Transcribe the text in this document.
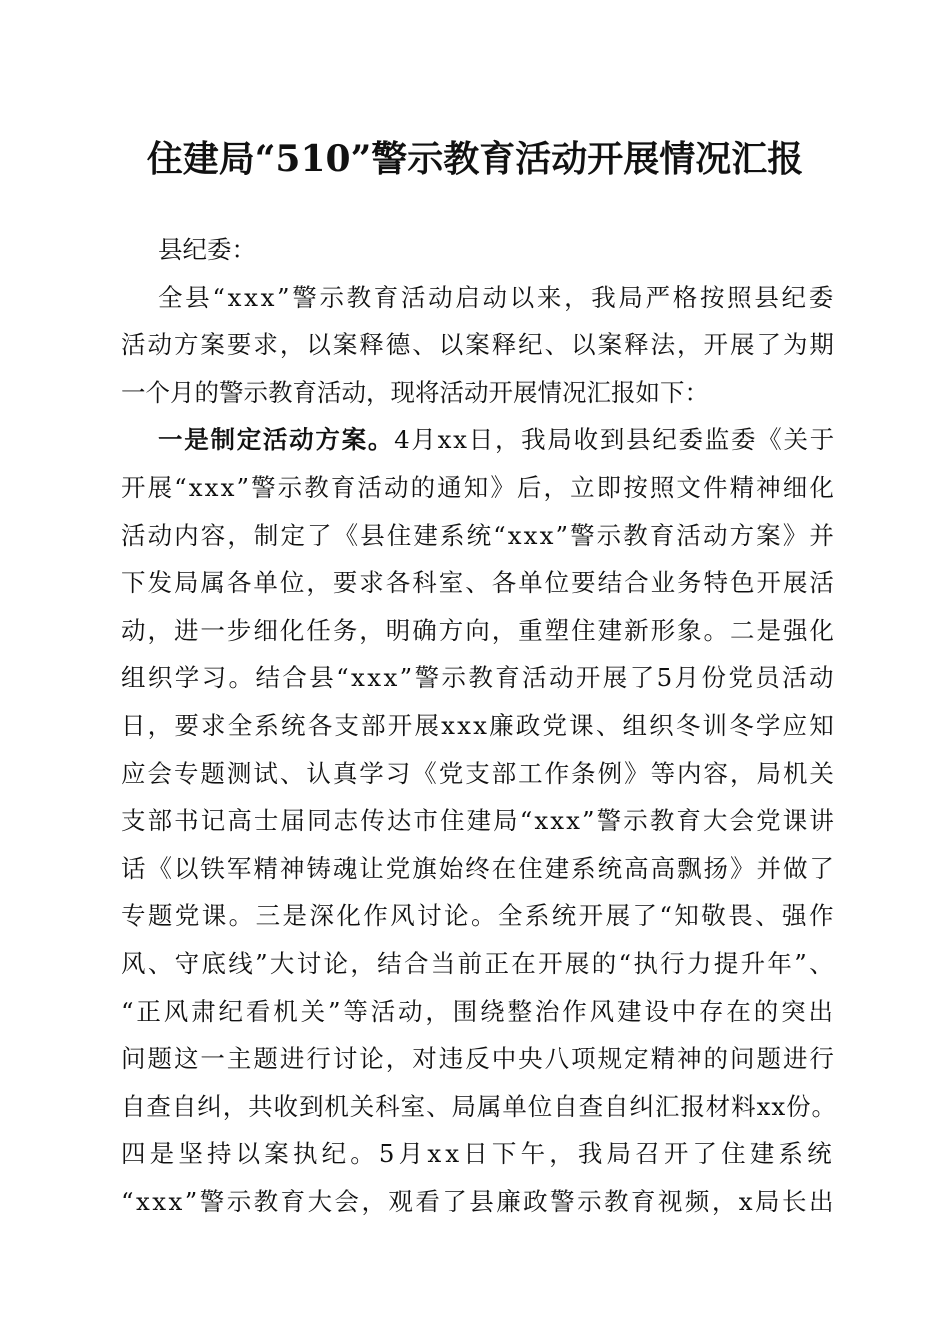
住建局“510”警示教育活动开展情况汇报
县纪委：
全县“xxx”警示教育活动启动以来，我局严格按照县纪委
活动方案要求，以案释德、以案释纪、以案释法，开展了为期
一个月的警示教育活动，现将活动开展情况汇报如下：
一是制定活动方案。4月xx日，我局收到县纪委监委《关于
开展“xxx”警示教育活动的通知》后，立即按照文件精神细化
活动内容，制定了《县住建系统“xxx”警示教育活动方案》并
下发局属各单位，要求各科室、各单位要结合业务特色开展活
动，进一步细化任务，明确方向，重塑住建新形象。二是强化
组织学习。结合县“xxx”警示教育活动开展了5月份党员活动
日，要求全系统各支部开展xxx廉政党课、组织冬训冬学应知
应会专题测试、认真学习《党支部工作条例》等内容，局机关
支部书记高士届同志传达市住建局“xxx”警示教育大会党课讲
话《以铁军精神铸魂让党旗始终在住建系统高高飘扬》并做了
专题党课。三是深化作风讨论。全系统开展了“知敬畏、强作
风、守底线”大讨论，结合当前正在开展的“执行力提升年”、
“正风肃纪看机关”等活动，围绕整治作风建设中存在的突出
问题这一主题进行讨论，对违反中央八项规定精神的问题进行
自查自纠，共收到机关科室、局属单位自查自纠汇报材料xx份。
四是坚持以案执纪。5月xx日下午，我局召开了住建系统
“xxx”警示教育大会，观看了县廉政警示教育视频，x局长出
